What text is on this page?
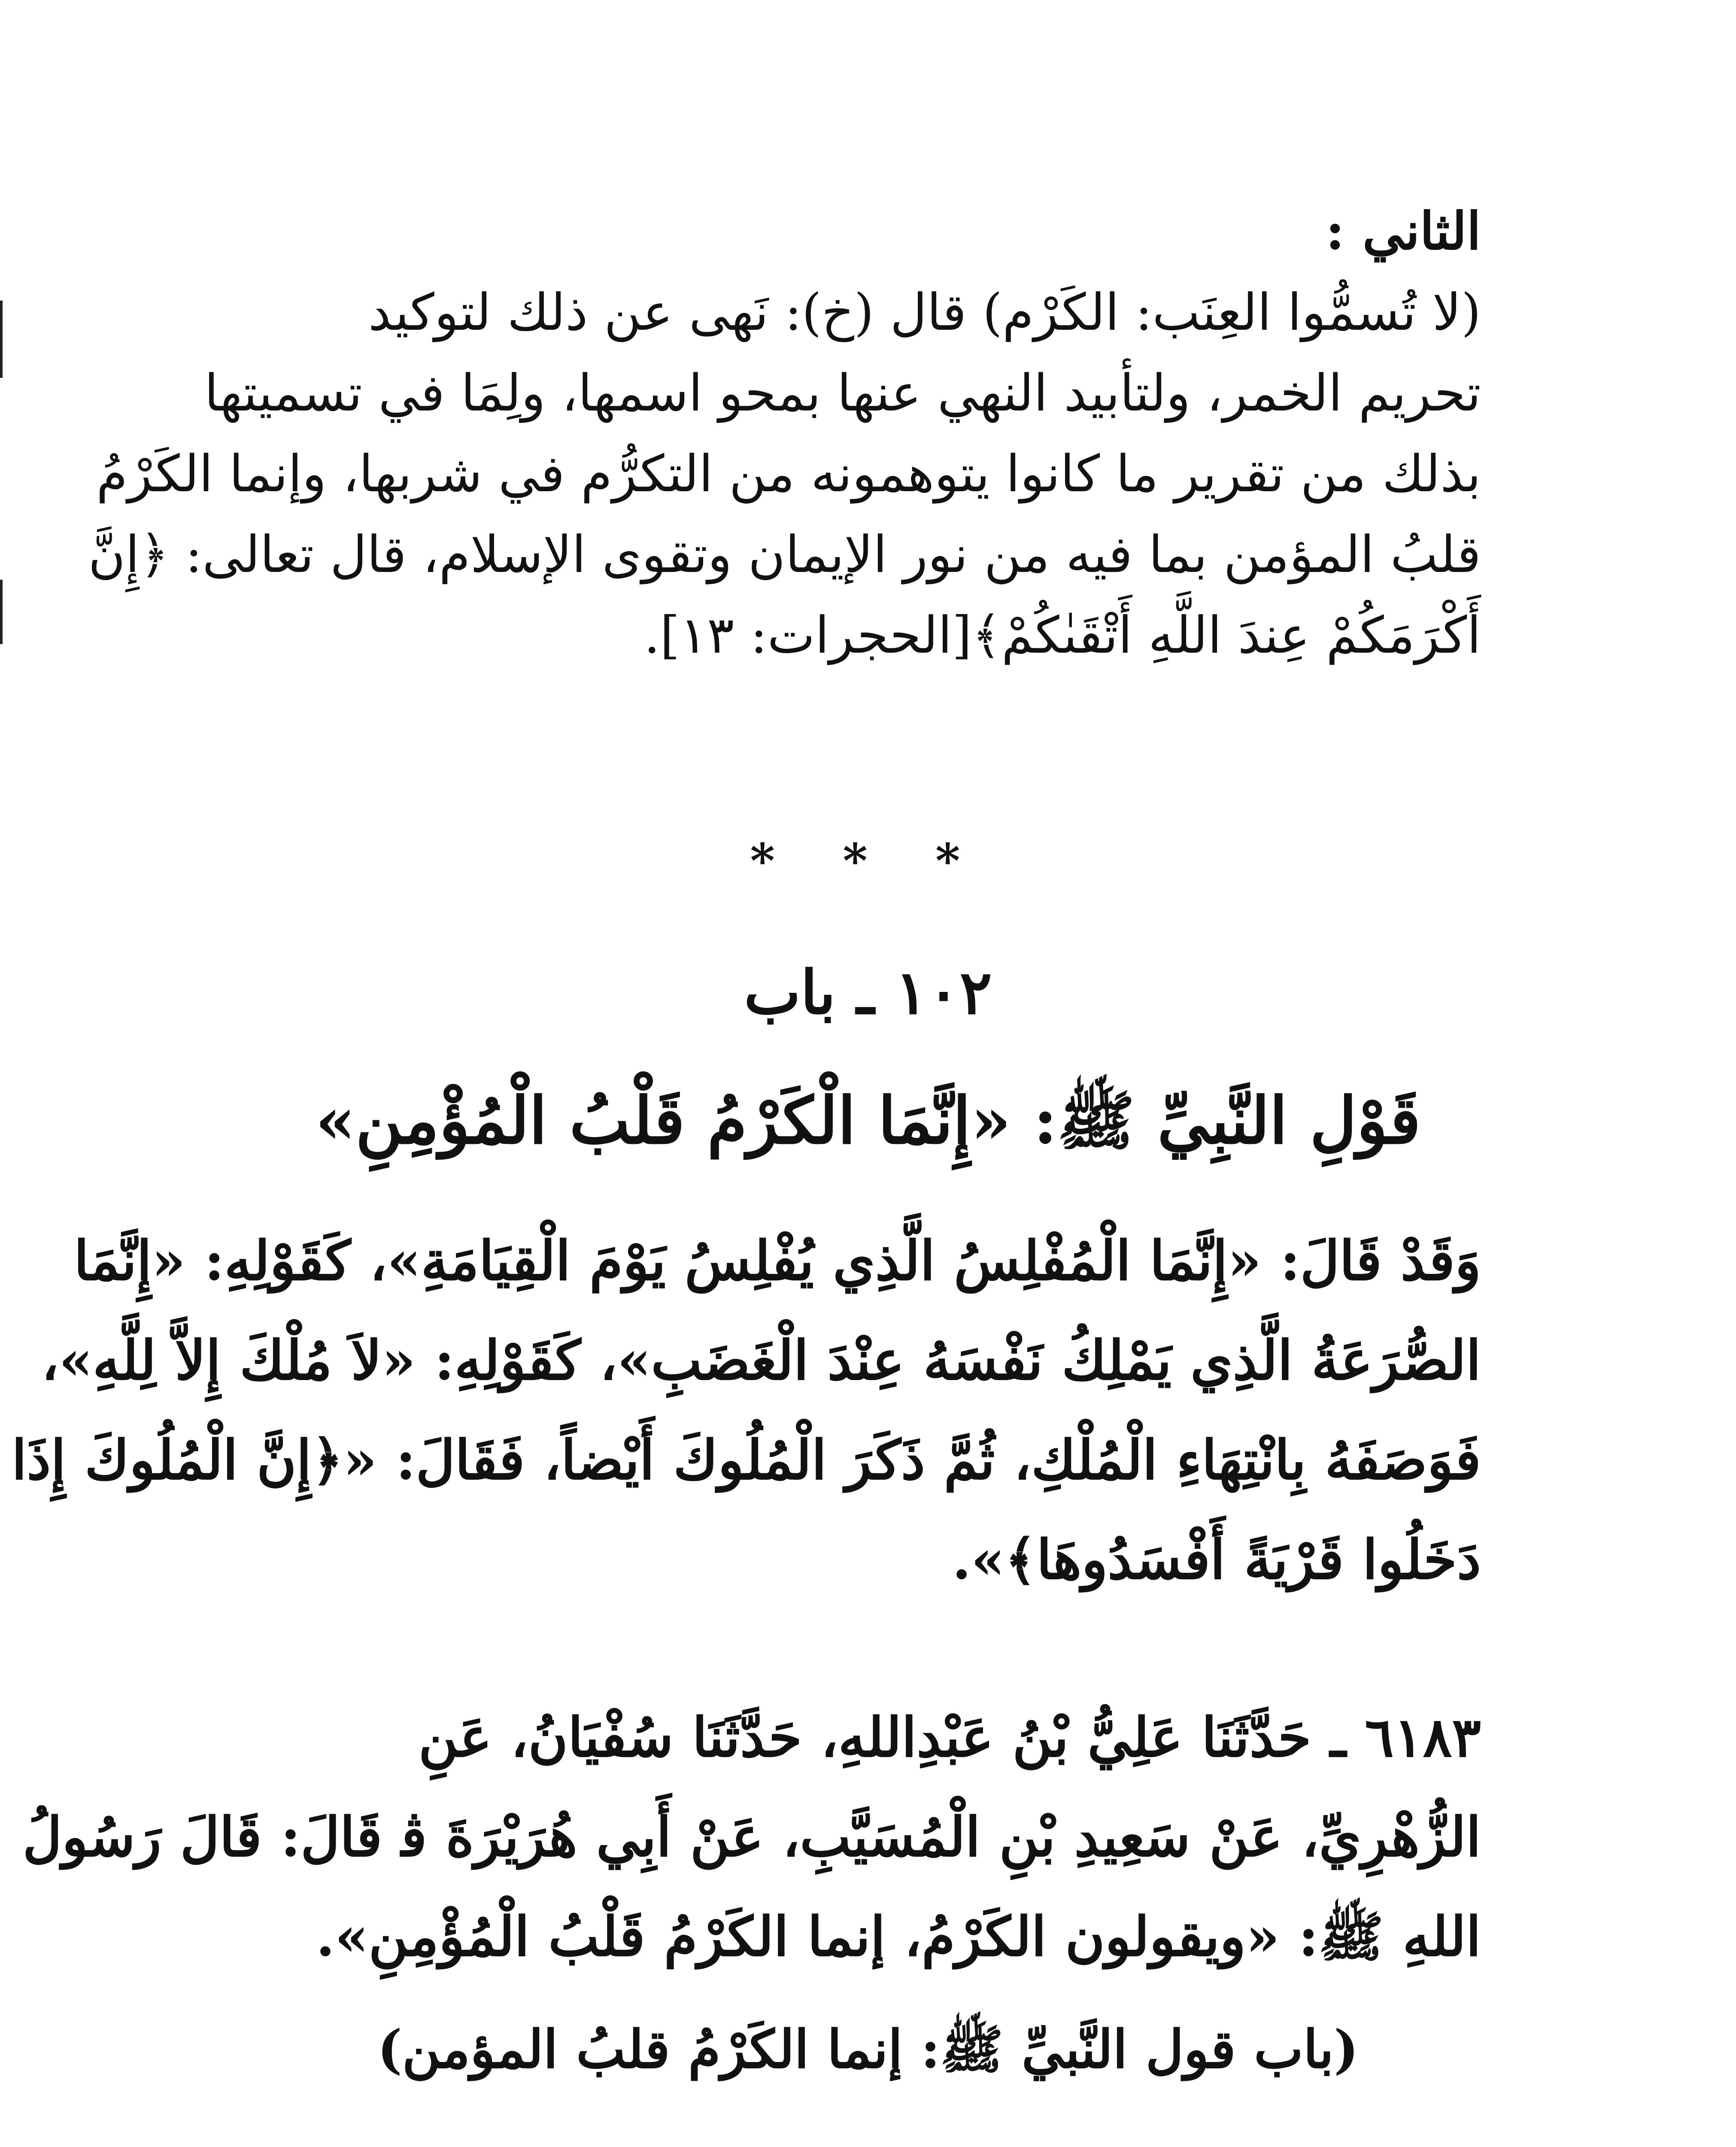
الثاني :
(لا تُسمُّوا العِنَب: الكَرْم) قال (خ): نَهى عن ذلك لتوكيد
تحريم الخمر، ولتأبيد النهي عنها بمحو اسمها، ولِمَا في تسميتها
بذلك من تقرير ما كانوا يتوهمونه من التكرُّم في شربها، وإنما الكَرْمُ
قلبُ المؤمن بما فيه من نور الإيمان وتقوى الإسلام، قال تعالى: ﴿إِنَّ
أَكْرَمَكُمْ عِندَ اللَّهِ أَتْقَىٰكُمْ﴾[الحجرات: ١٣].
* * *
١٠٢ ـ باب
قَوْلِ النَّبِيِّ ﷺ: «إِنَّمَا الْكَرْمُ قَلْبُ الْمُؤْمِنِ»
وَقَدْ قَالَ: «إِنَّمَا الْمُفْلِسُ الَّذِي يُفْلِسُ يَوْمَ الْقِيَامَةِ»، كَقَوْلِهِ: «إِنَّمَا
الصُّرَعَةُ الَّذِي يَمْلِكُ نَفْسَهُ عِنْدَ الْغَضَبِ»، كَقَوْلِهِ: «لاَ مُلْكَ إِلاَّ لِلَّهِ»،
فَوَصَفَهُ بِانْتِهَاءِ الْمُلْكِ، ثُمَّ ذَكَرَ الْمُلُوكَ أَيْضاً، فَقَالَ: «﴿إِنَّ الْمُلُوكَ إِذَا
دَخَلُوا قَرْيَةً أَفْسَدُوهَا﴾».
٦١٨٣ ـ حَدَّثَنَا عَلِيُّ بْنُ عَبْدِاللهِ، حَدَّثَنَا سُفْيَانُ، عَنِ
الزُّهْرِيِّ، عَنْ سَعِيدِ بْنِ الْمُسَيَّبِ، عَنْ أَبِي هُرَيْرَةَ ﭬ قَالَ: قَالَ رَسُولُ
اللهِ ﷺ: «ويقولون الكَرْمُ، إنما الكَرْمُ قَلْبُ الْمُؤْمِنِ».
(باب قول النَّبيِّ ﷺ: إنما الكَرْمُ قلبُ المؤمن)
